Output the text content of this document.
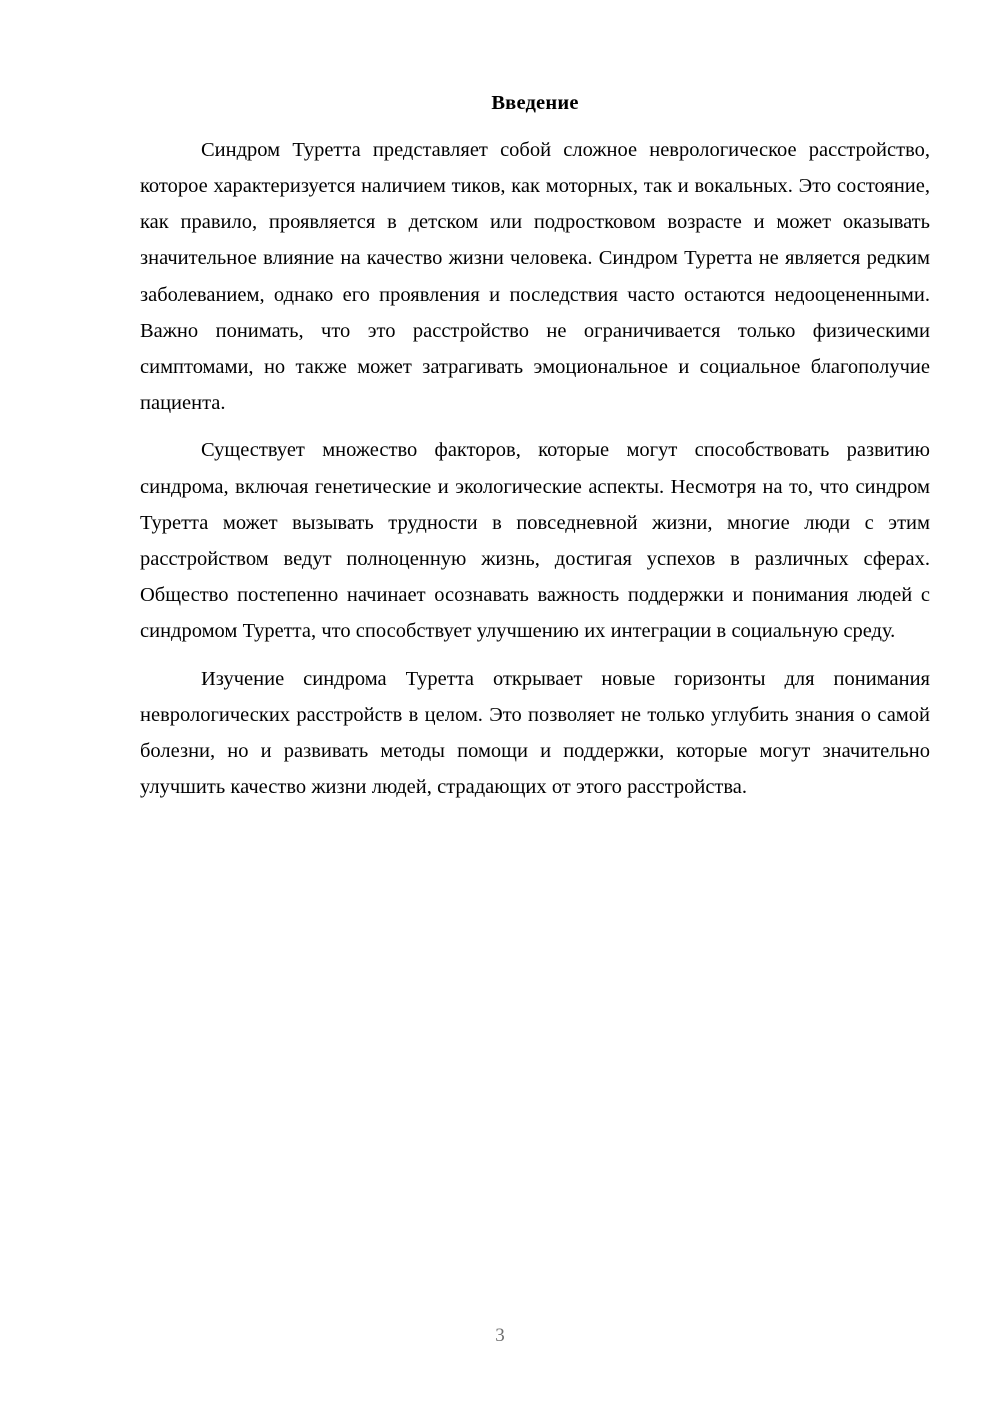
Введение

Синдром Туретта представляет собой сложное неврологическое расстройство, которое характеризуется наличием тиков, как моторных, так и вокальных. Это состояние, как правило, проявляется в детском или подростковом возрасте и может оказывать значительное влияние на качество жизни человека. Синдром Туретта не является редким заболеванием, однако его проявления и последствия часто остаются недооцененными. Важно понимать, что это расстройство не ограничивается только физическими симптомами, но также может затрагивать эмоциональное и социальное благополучие пациента.

Существует множество факторов, которые могут способствовать развитию синдрома, включая генетические и экологические аспекты. Несмотря на то, что синдром Туретта может вызывать трудности в повседневной жизни, многие люди с этим расстройством ведут полноценную жизнь, достигая успехов в различных сферах. Общество постепенно начинает осознавать важность поддержки и понимания людей с синдромом Туретта, что способствует улучшению их интеграции в социальную среду.

Изучение синдрома Туретта открывает новые горизонты для понимания неврологических расстройств в целом. Это позволяет не только углубить знания о самой болезни, но и развивать методы помощи и поддержки, которые могут значительно улучшить качество жизни людей, страдающих от этого расстройства.

3
